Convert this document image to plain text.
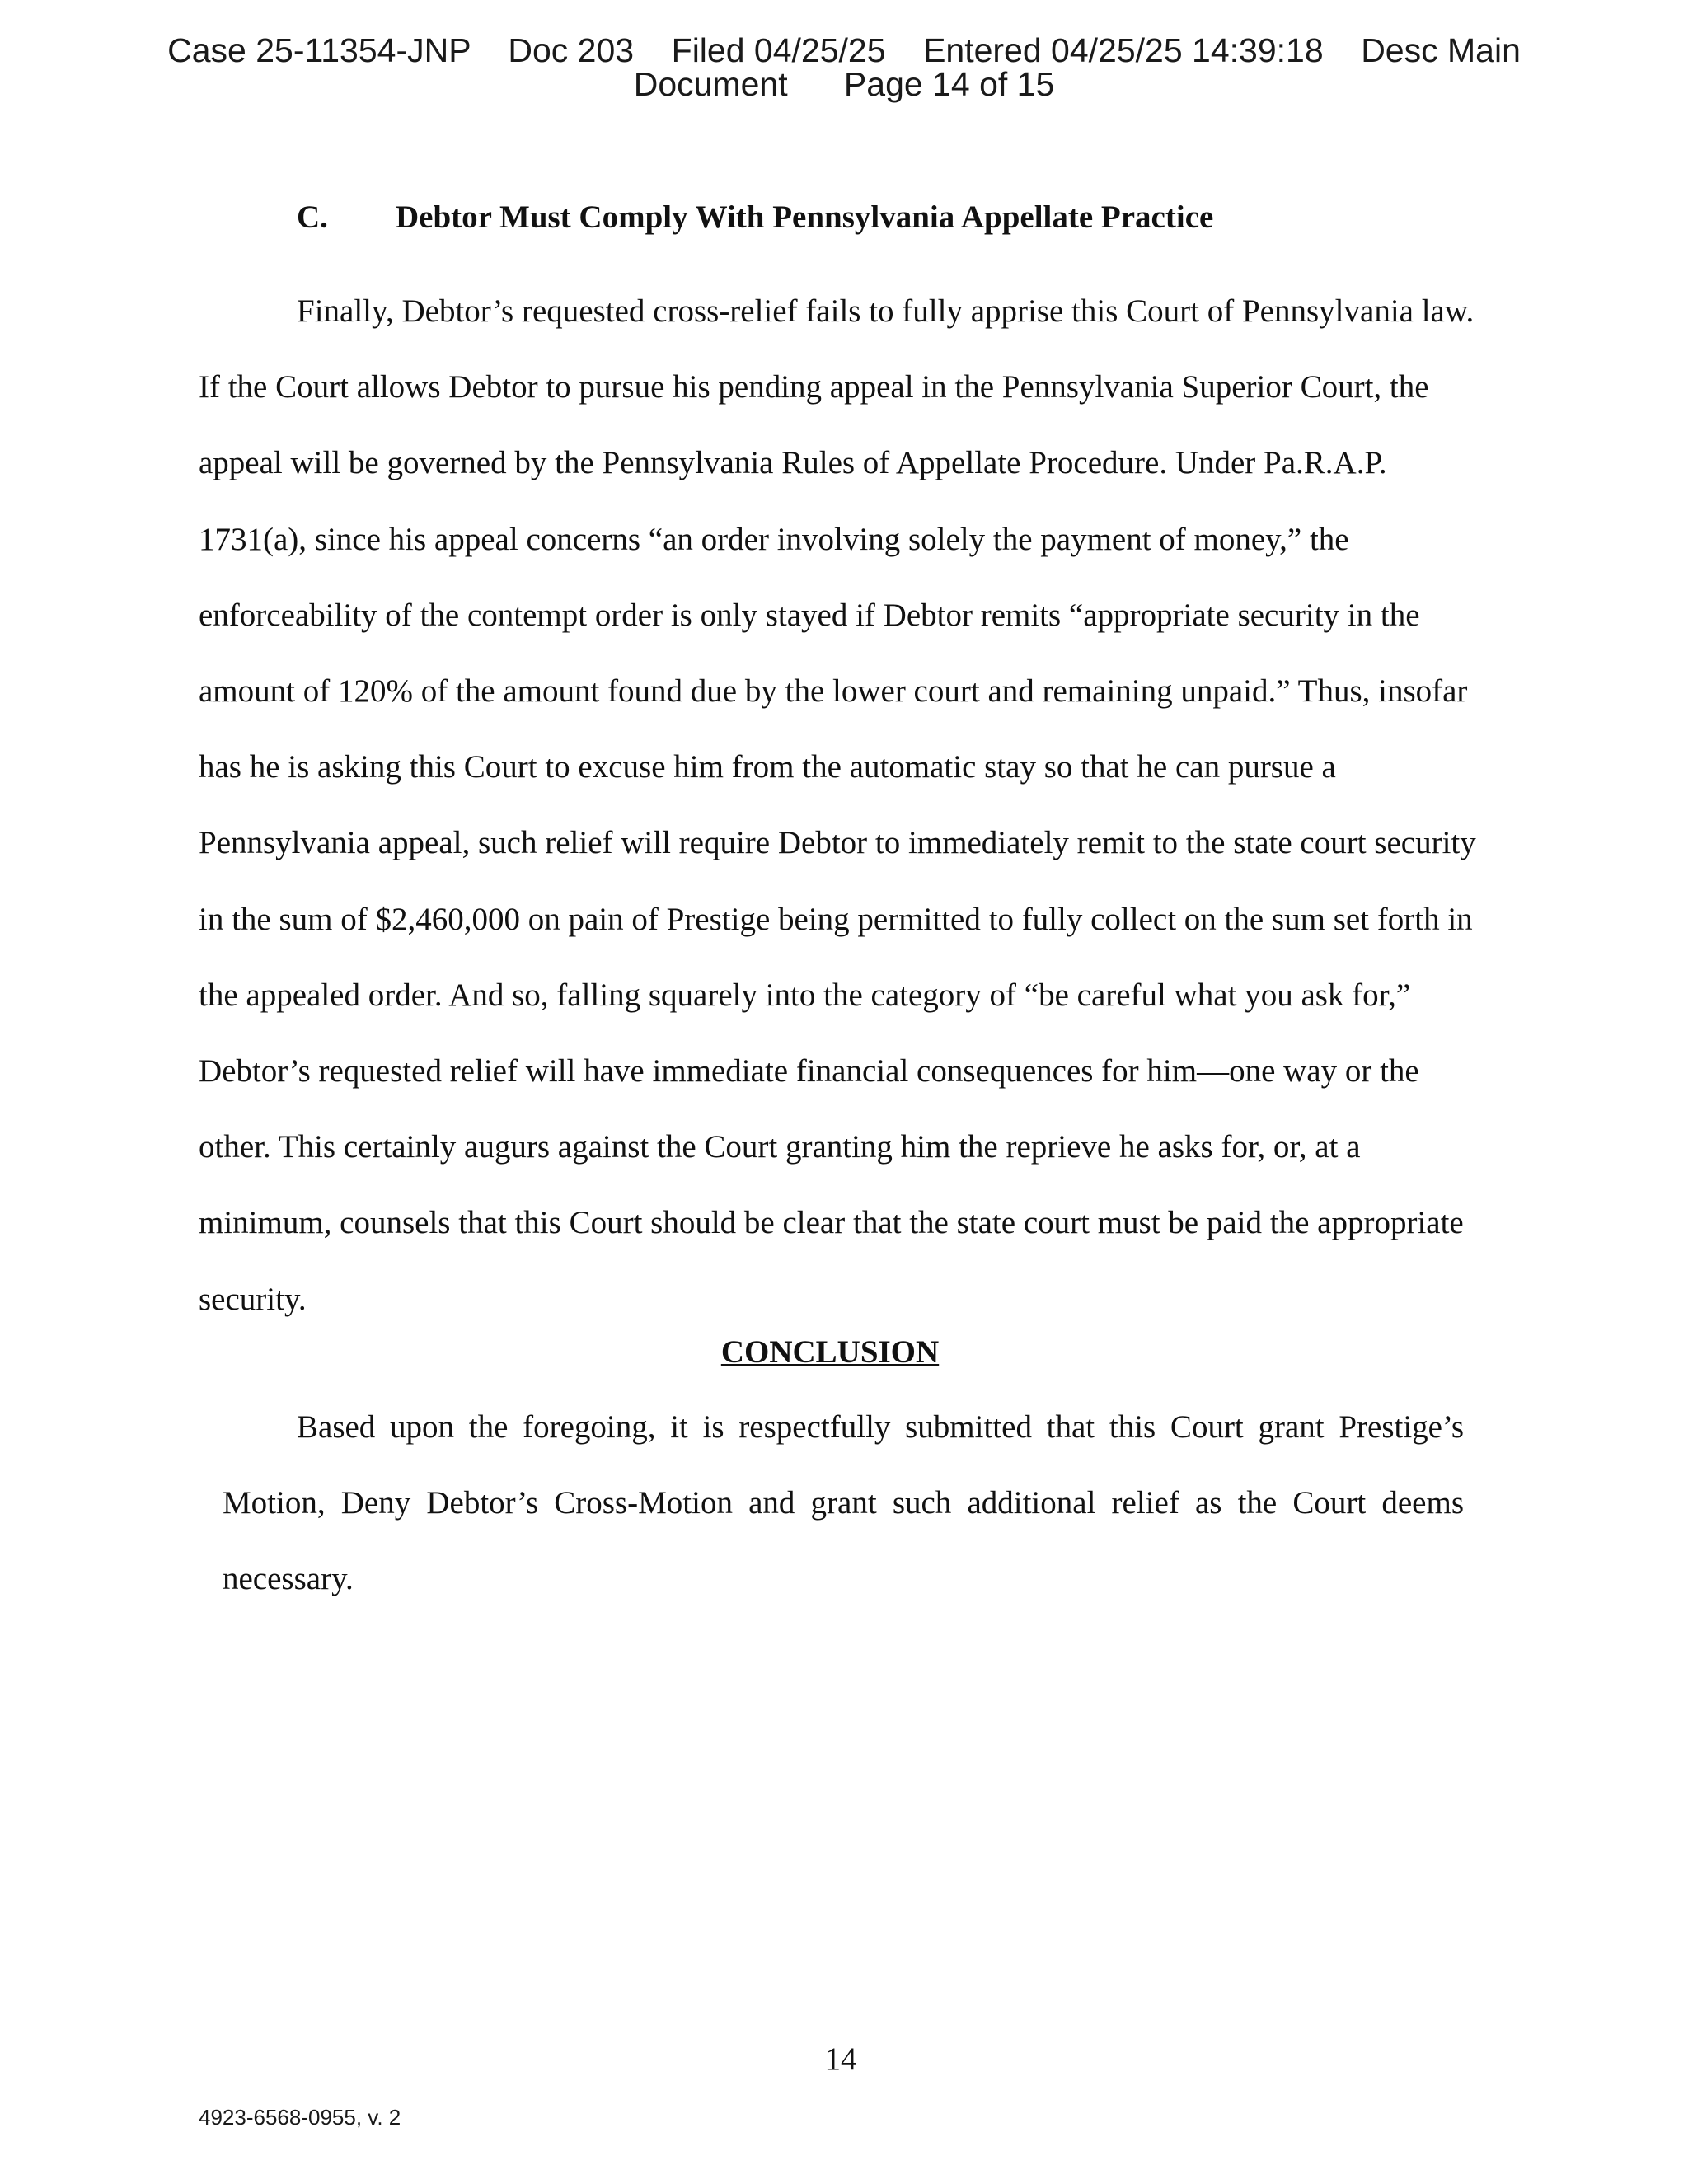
Case 25-11354-JNP    Doc 203    Filed 04/25/25    Entered 04/25/25 14:39:18    Desc Main
Document      Page 14 of 15
C. Debtor Must Comply With Pennsylvania Appellate Practice

Finally, Debtor’s requested cross-relief fails to fully apprise this Court of Pennsylvania law. If the Court allows Debtor to pursue his pending appeal in the Pennsylvania Superior Court, the appeal will be governed by the Pennsylvania Rules of Appellate Procedure. Under Pa.R.A.P. 1731(a), since his appeal concerns “an order involving solely the payment of money,” the enforceability of the contempt order is only stayed if Debtor remits “appropriate security in the amount of 120% of the amount found due by the lower court and remaining unpaid.” Thus, insofar has he is asking this Court to excuse him from the automatic stay so that he can pursue a Pennsylvania appeal, such relief will require Debtor to immediately remit to the state court security in the sum of $2,460,000 on pain of Prestige being permitted to fully collect on the sum set forth in the appealed order. And so, falling squarely into the category of “be careful what you ask for,” Debtor’s requested relief will have immediate financial consequences for him—one way or the other. This certainly augurs against the Court granting him the reprieve he asks for, or, at a minimum, counsels that this Court should be clear that the state court must be paid the appropriate security.

CONCLUSION

Based upon the foregoing, it is respectfully submitted that this Court grant Prestige’s Motion, Deny Debtor’s Cross-Motion and grant such additional relief as the Court deems necessary.

14
4923-6568-0955, v. 2
